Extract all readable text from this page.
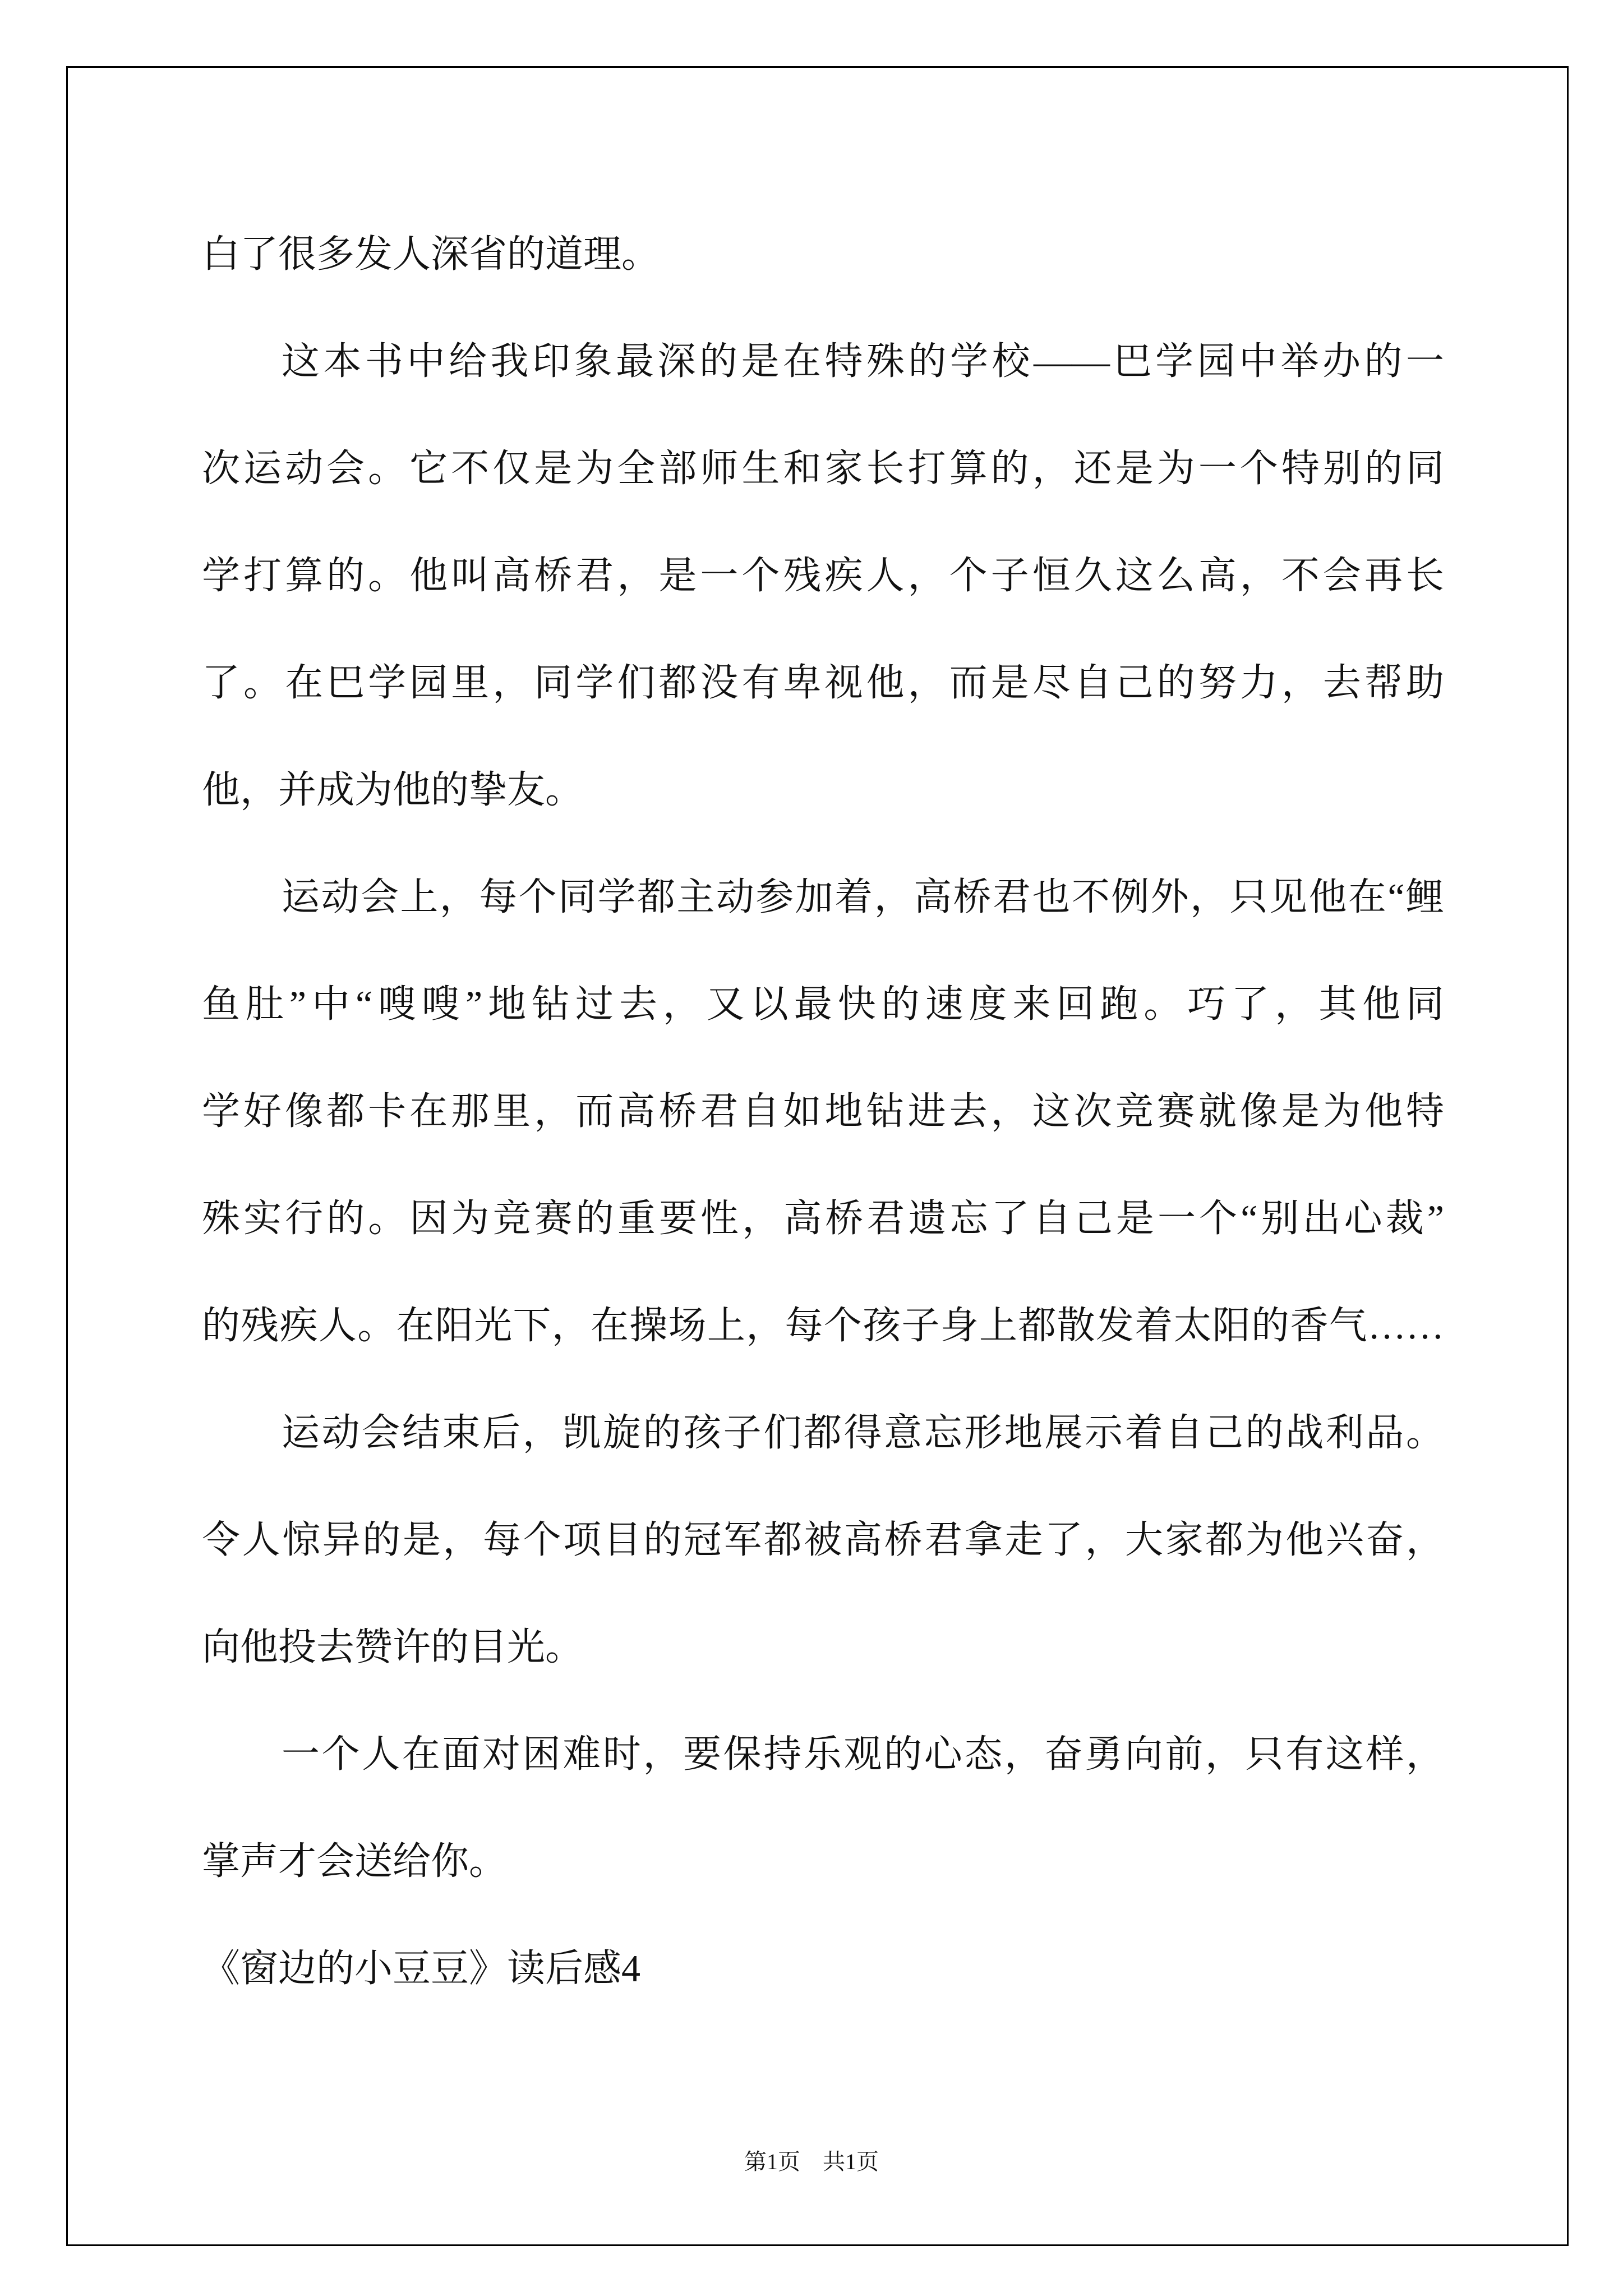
白了很多发人深省的道理。
这本书中给我印象最深的是在特殊的学校——巴学园中举办的一
次运动会。它不仅是为全部师生和家长打算的，还是为一个特别的同
学打算的。他叫高桥君，是一个残疾人，个子恒久这么高，不会再长
了。在巴学园里，同学们都没有卑视他，而是尽自己的努力，去帮助
他，并成为他的挚友。
运动会上，每个同学都主动参加着，高桥君也不例外，只见他在“鲤
鱼肚”中“嗖嗖”地钻过去，又以最快的速度来回跑。巧了，其他同
学好像都卡在那里，而高桥君自如地钻进去，这次竞赛就像是为他特
殊实行的。因为竞赛的重要性，高桥君遗忘了自己是一个“别出心裁”
的残疾人。在阳光下，在操场上，每个孩子身上都散发着太阳的香气……
运动会结束后，凯旋的孩子们都得意忘形地展示着自己的战利品。
令人惊异的是，每个项目的冠军都被高桥君拿走了，大家都为他兴奋，
向他投去赞许的目光。
一个人在面对困难时，要保持乐观的心态，奋勇向前，只有这样，
掌声才会送给你。
《窗边的小豆豆》读后感4
第1页　共1页
